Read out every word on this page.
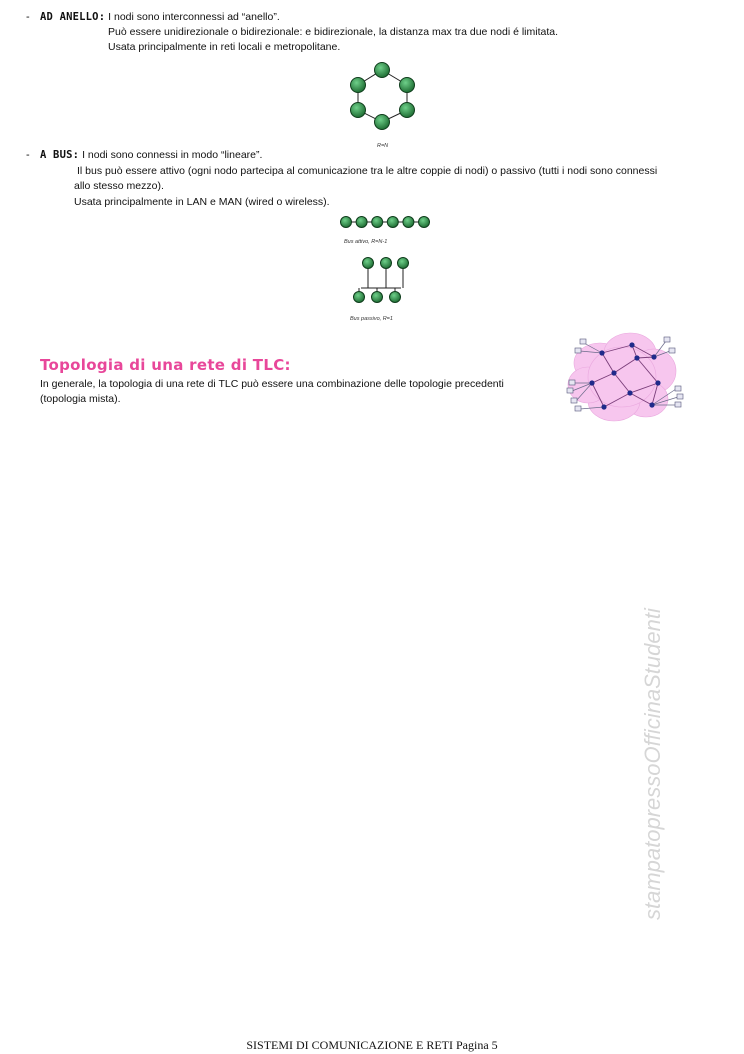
- AD ANELLO: I nodi sono interconnessi ad “anello”.
Può essere unidirezionale o bidirezionale: e bidirezionale, la distanza max tra due nodi é limitata.
Usata principalmente in reti locali e metropolitane.
R=N
- A BUS: I nodi sono connessi in modo “lineare”.
Il bus può essere attivo (ogni nodo partecipa al comunicazione tra le altre coppie di nodi) o passivo (tutti i nodi sono connessi
allo stesso mezzo).
Usata principalmente in LAN e MAN (wired o wireless).
Bus attivo, R=N-1
Bus passivo, R=1
Topologia di una rete di TLC:
In generale, la topologia di una rete di TLC può essere una combinazione delle topologie precedenti
(topologia mista).
stampatopressoOfficinaStudenti
SISTEMI DI COMUNICAZIONE E RETI Pagina 5
